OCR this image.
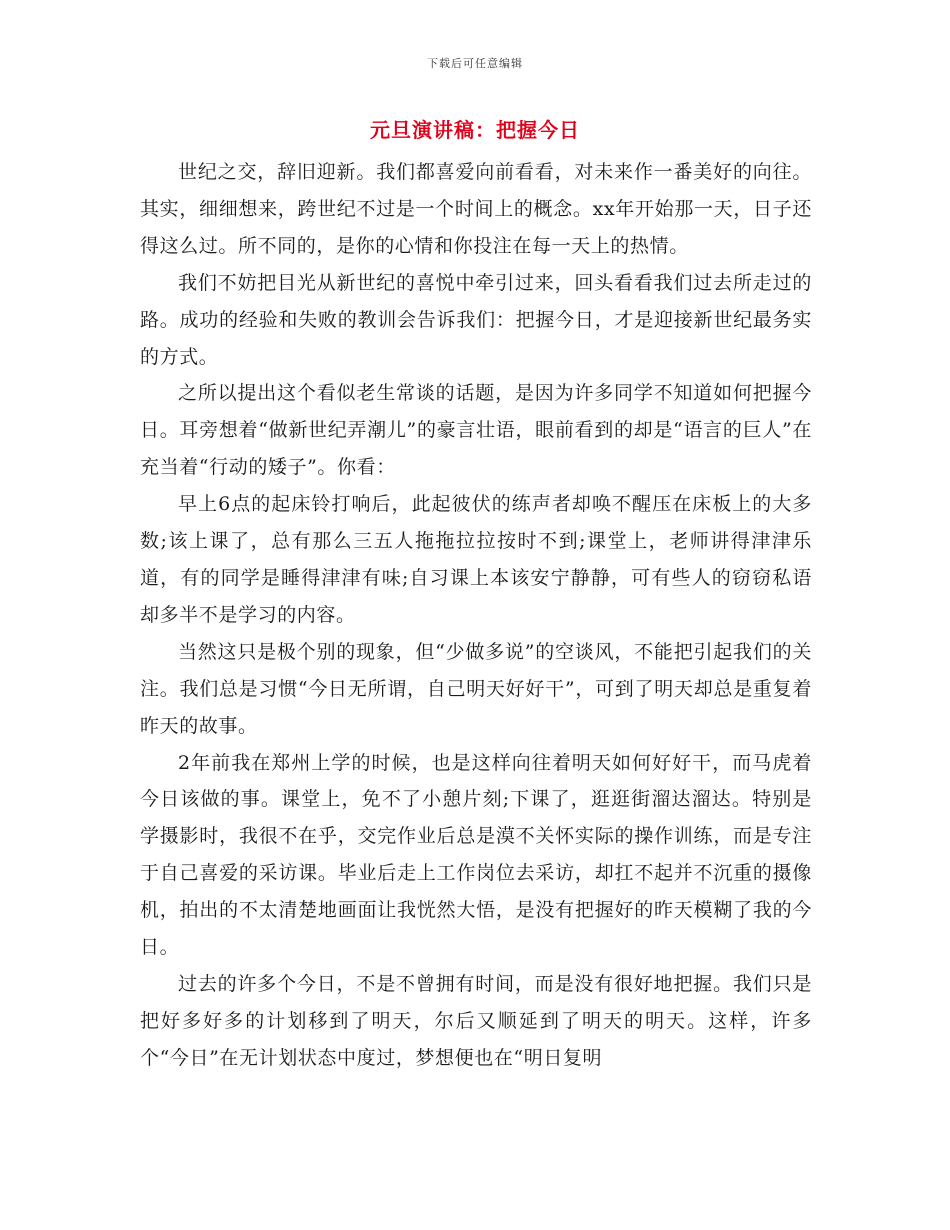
下载后可任意编辑
元旦演讲稿：把握今日

世纪之交，辞旧迎新。我们都喜爱向前看看，对未来作一番美好的向往。其实，细细想来，跨世纪不过是一个时间上的概念。xx年开始那一天，日子还得这么过。所不同的，是你的心情和你投注在每一天上的热情。

我们不妨把目光从新世纪的喜悦中牵引过来，回头看看我们过去所走过的路。成功的经验和失败的教训会告诉我们：把握今日，才是迎接新世纪最务实的方式。

之所以提出这个看似老生常谈的话题，是因为许多同学不知道如何把握今日。耳旁想着“做新世纪弄潮儿”的豪言壮语，眼前看到的却是“语言的巨人”在充当着“行动的矮子”。你看：

早上6点的起床铃打响后，此起彼伏的练声者却唤不醒压在床板上的大多数;该上课了，总有那么三五人拖拖拉拉按时不到;课堂上，老师讲得津津乐道，有的同学是睡得津津有味;自习课上本该安宁静静，可有些人的窃窃私语却多半不是学习的内容。

当然这只是极个别的现象，但“少做多说”的空谈风，不能把引起我们的关注。我们总是习惯“今日无所谓，自己明天好好干”，可到了明天却总是重复着昨天的故事。

2年前我在郑州上学的时候，也是这样向往着明天如何好好干，而马虎着今日该做的事。课堂上，免不了小憩片刻;下课了，逛逛街溜达溜达。特别是学摄影时，我很不在乎，交完作业后总是漠不关怀实际的操作训练，而是专注于自己喜爱的采访课。毕业后走上工作岗位去采访，却扛不起并不沉重的摄像机，拍出的不太清楚地画面让我恍然大悟，是没有把握好的昨天模糊了我的今日。

过去的许多个今日，不是不曾拥有时间，而是没有很好地把握。我们只是把好多好多的计划移到了明天，尔后又顺延到了明天的明天。这样，许多个“今日”在无计划状态中度过，梦想便也在“明日复明
